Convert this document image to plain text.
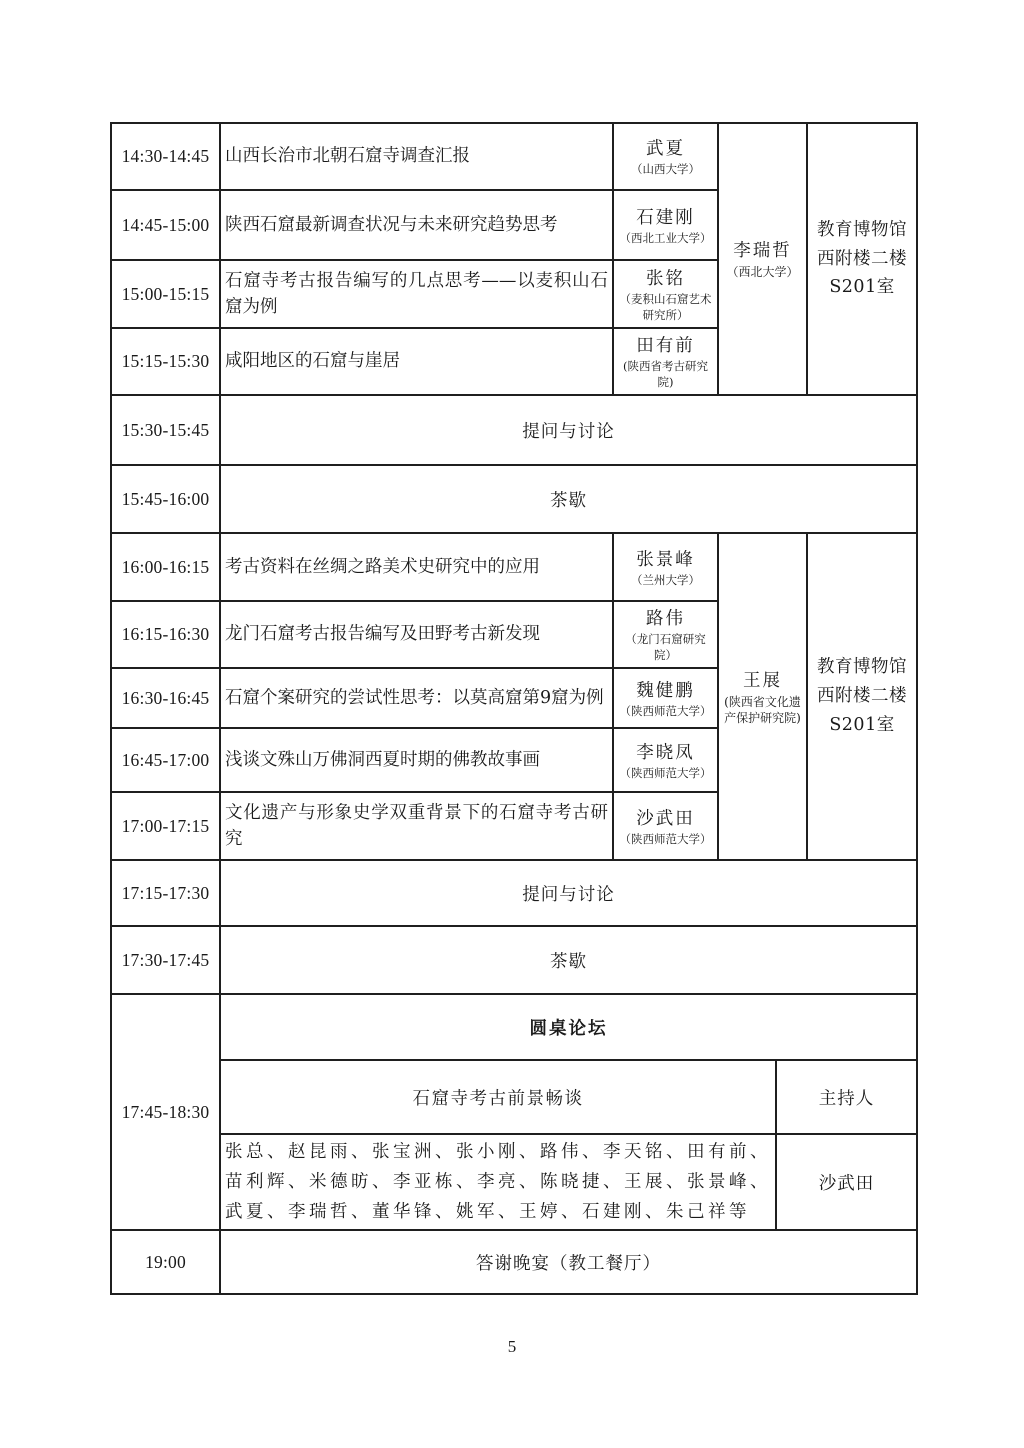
14:30-14:45	山西长治市北朝石窟寺调查汇报	武夏
（山西大学）

李瑞哲
（西北大学）

教育博物馆西附楼二楼S201室

14:45-15:00	陕西石窟最新调查状况与未来研究趋势思考	石建刚
（西北工业大学）			

15:00-15:15	石窟寺考古报告编写的几点思考——以麦积山石窟为例	张铭
（麦积山石窟艺术研究所）			

15:15-15:30	咸阳地区的石窟与崖居	田有前
(陕西省考古研究院)			

15:30-15:45	提问与讨论				
15:45-16:00	茶歇				
16:00-16:15	考古资料在丝绸之路美术史研究中的应用	张景峰
（兰州大学）

王展
(陕西省文化遗产保护研究院)

教育博物馆西附楼二楼S201室

16:15-16:30	龙门石窟考古报告编写及田野考古新发现	路伟
（龙门石窟研究院）			

16:30-16:45	石窟个案研究的尝试性思考：以莫高窟第9窟为例	魏健鹏
（陕西师范大学）			

16:45-17:00	浅谈文殊山万佛洞西夏时期的佛教故事画	李晓凤
（陕西师范大学）			

17:00-17:15	文化遗产与形象史学双重背景下的石窟寺考古研究	沙武田
（陕西师范大学）			

17:15-17:30	提问与讨论				
17:30-17:45	茶歇				
17:45-18:30	圆桌论坛				
	石窟寺考古前景畅谈			主持人	
	张总、赵昆雨、张宝洲、张小刚、路伟、李天铭、田有前、苗利辉、米德昉、李亚栋、李亮、陈晓捷、王展、张景峰、武夏、李瑞哲、董华锋、姚军、王婷、石建刚、朱己祥等			沙武田	
19:00	答谢晚宴（教工餐厅）				
5
